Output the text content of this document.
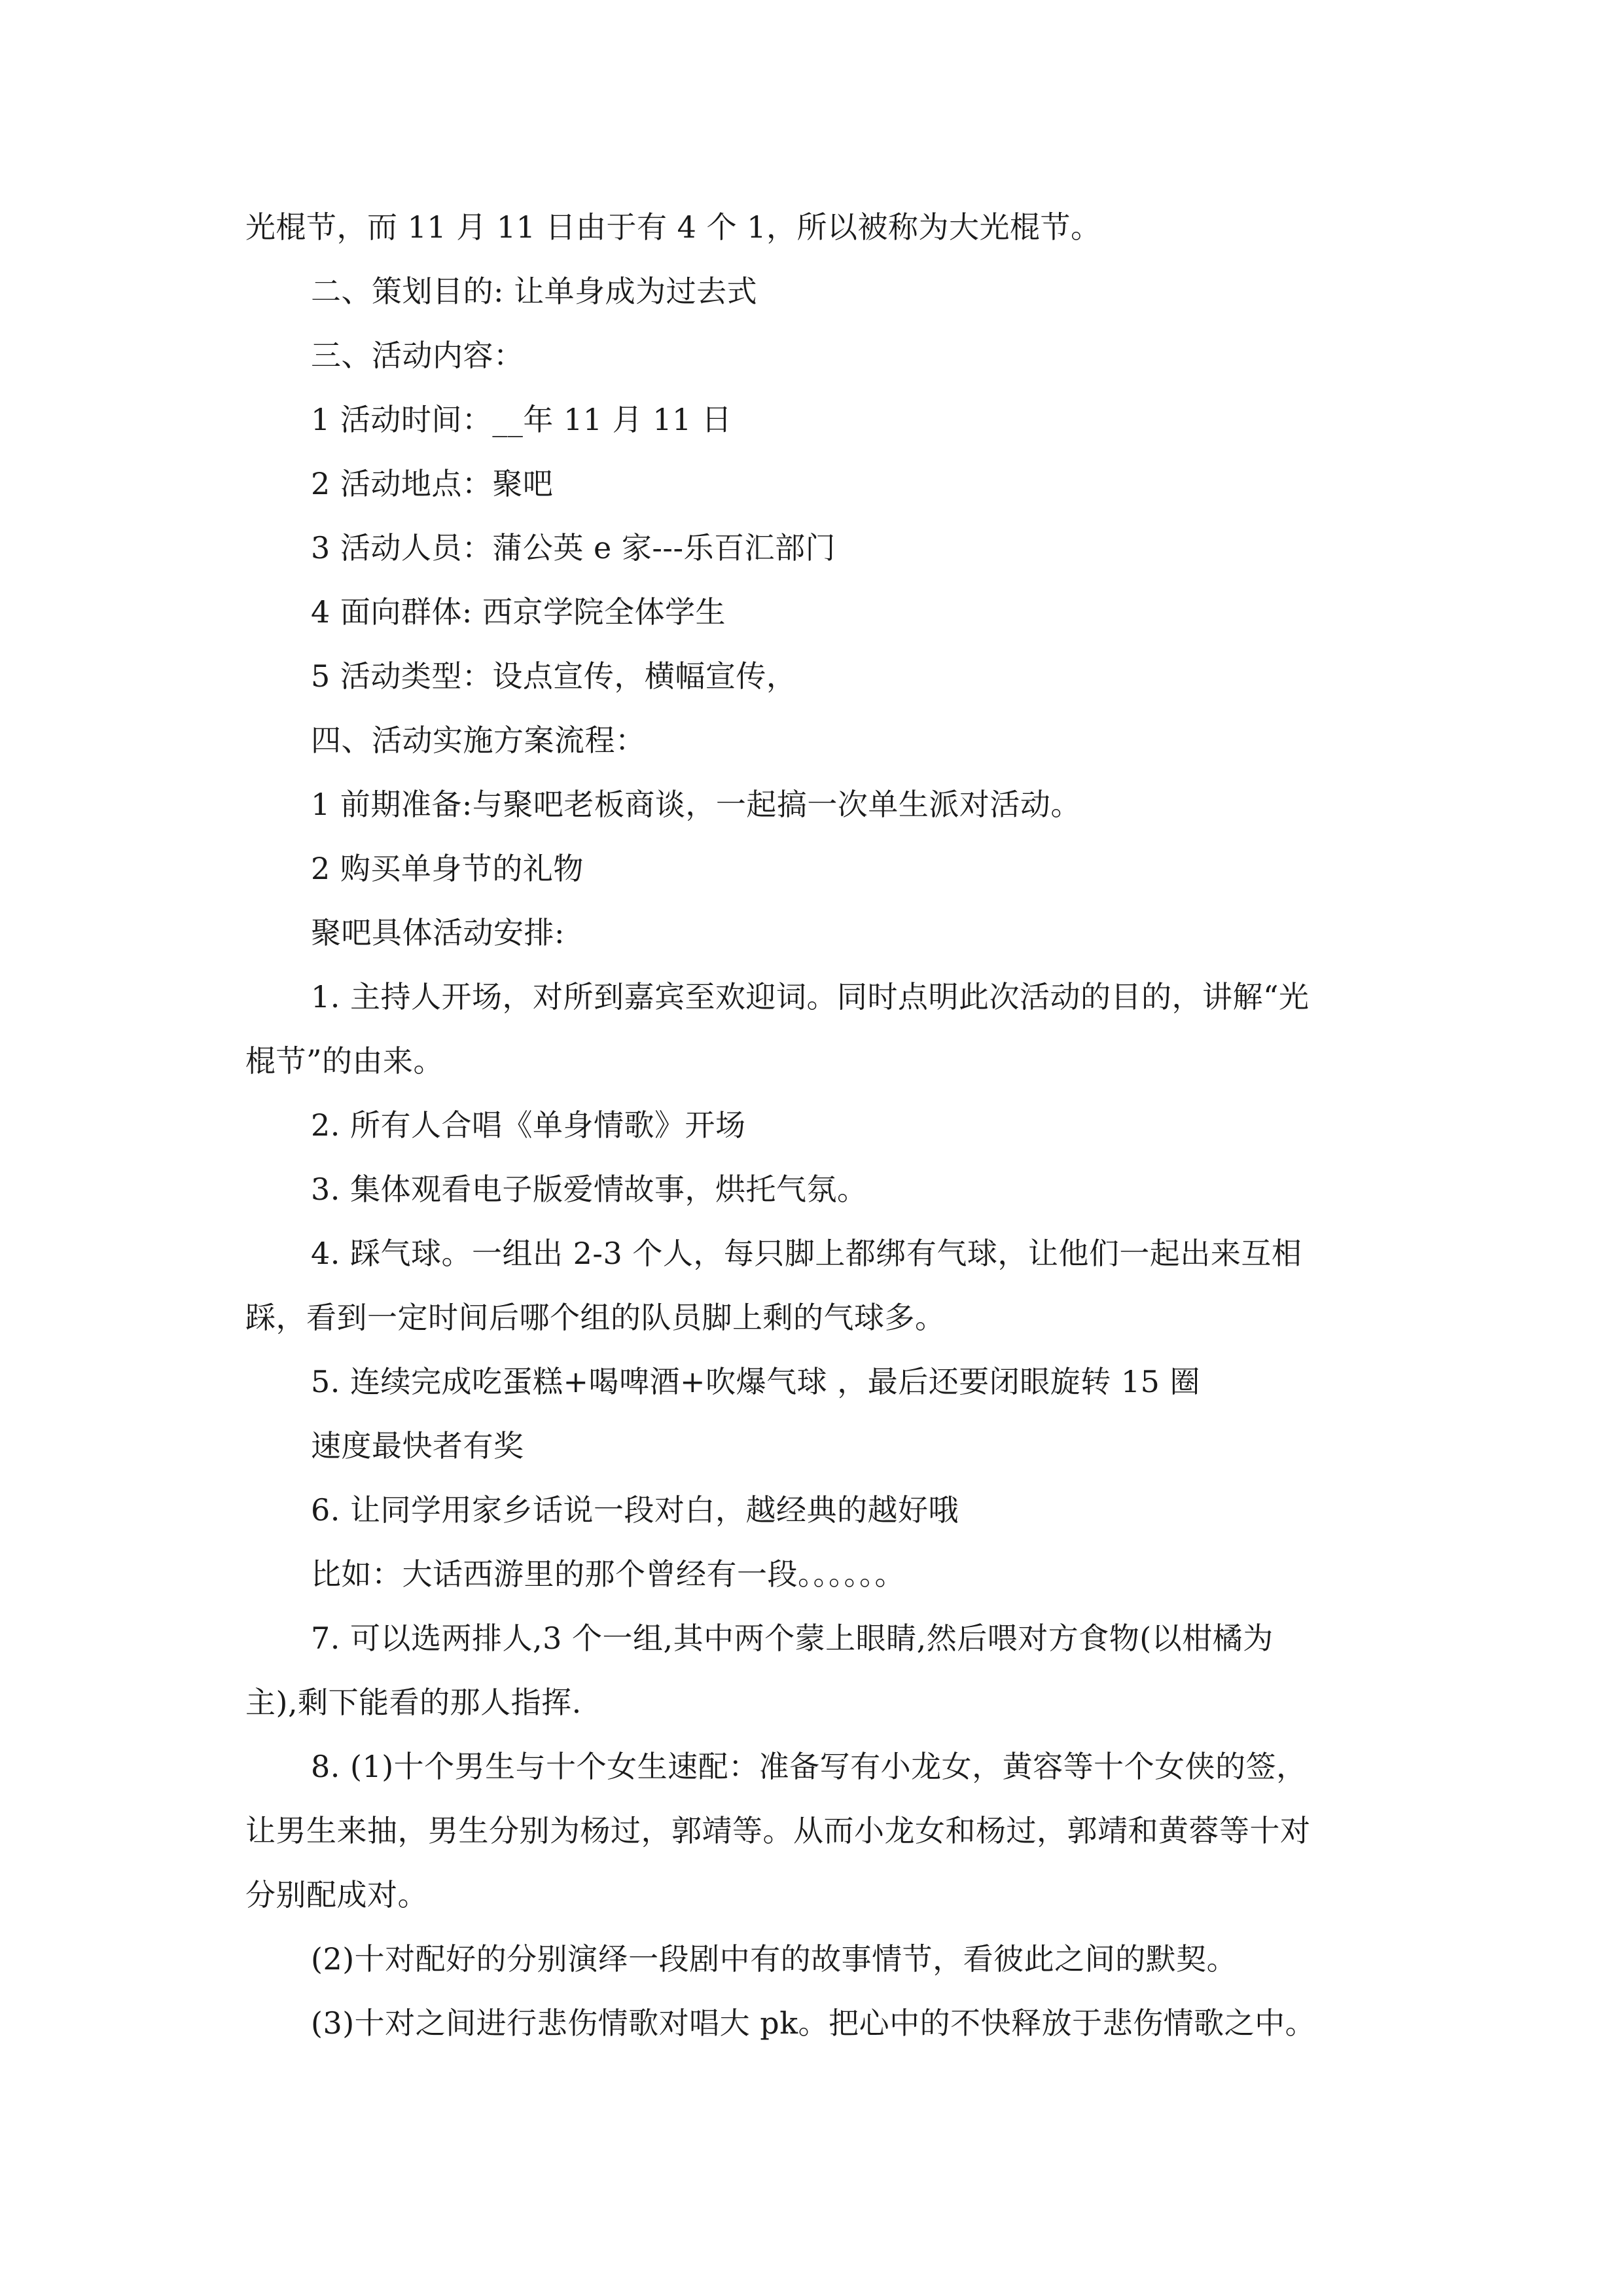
光棍节，而 11 月 11 日由于有 4 个 1，所以被称为大光棍节。
二、策划目的: 让单身成为过去式
三、活动内容：
1 活动时间：__年 11 月 11 日
2 活动地点：聚吧
3 活动人员：蒲公英 e 家---乐百汇部门
4 面向群体: 西京学院全体学生
5 活动类型：设点宣传，横幅宣传，
四、活动实施方案流程：
1 前期准备:与聚吧老板商谈，一起搞一次单生派对活动。
2 购买单身节的礼物
聚吧具体活动安排:
1. 主持人开场，对所到嘉宾至欢迎词。同时点明此次活动的目的，讲解“光
棍节”的由来。
2. 所有人合唱《单身情歌》开场
3. 集体观看电子版爱情故事，烘托气氛。
4. 踩气球。一组出 2-3 个人，每只脚上都绑有气球，让他们一起出来互相
踩，看到一定时间后哪个组的队员脚上剩的气球多。
5. 连续完成吃蛋糕+喝啤酒+吹爆气球 ，最后还要闭眼旋转 15 圈
速度最快者有奖
6. 让同学用家乡话说一段对白，越经典的越好哦
比如：大话西游里的那个曾经有一段。。。。。。
7. 可以选两排人,3 个一组,其中两个蒙上眼睛,然后喂对方食物(以柑橘为
主),剩下能看的那人指挥.
8. (1)十个男生与十个女生速配：准备写有小龙女，黄容等十个女侠的签，
让男生来抽，男生分别为杨过，郭靖等。从而小龙女和杨过，郭靖和黄蓉等十对
分别配成对。
(2)十对配好的分别演绎一段剧中有的故事情节，看彼此之间的默契。
(3)十对之间进行悲伤情歌对唱大 pk。把心中的不快释放于悲伤情歌之中。
